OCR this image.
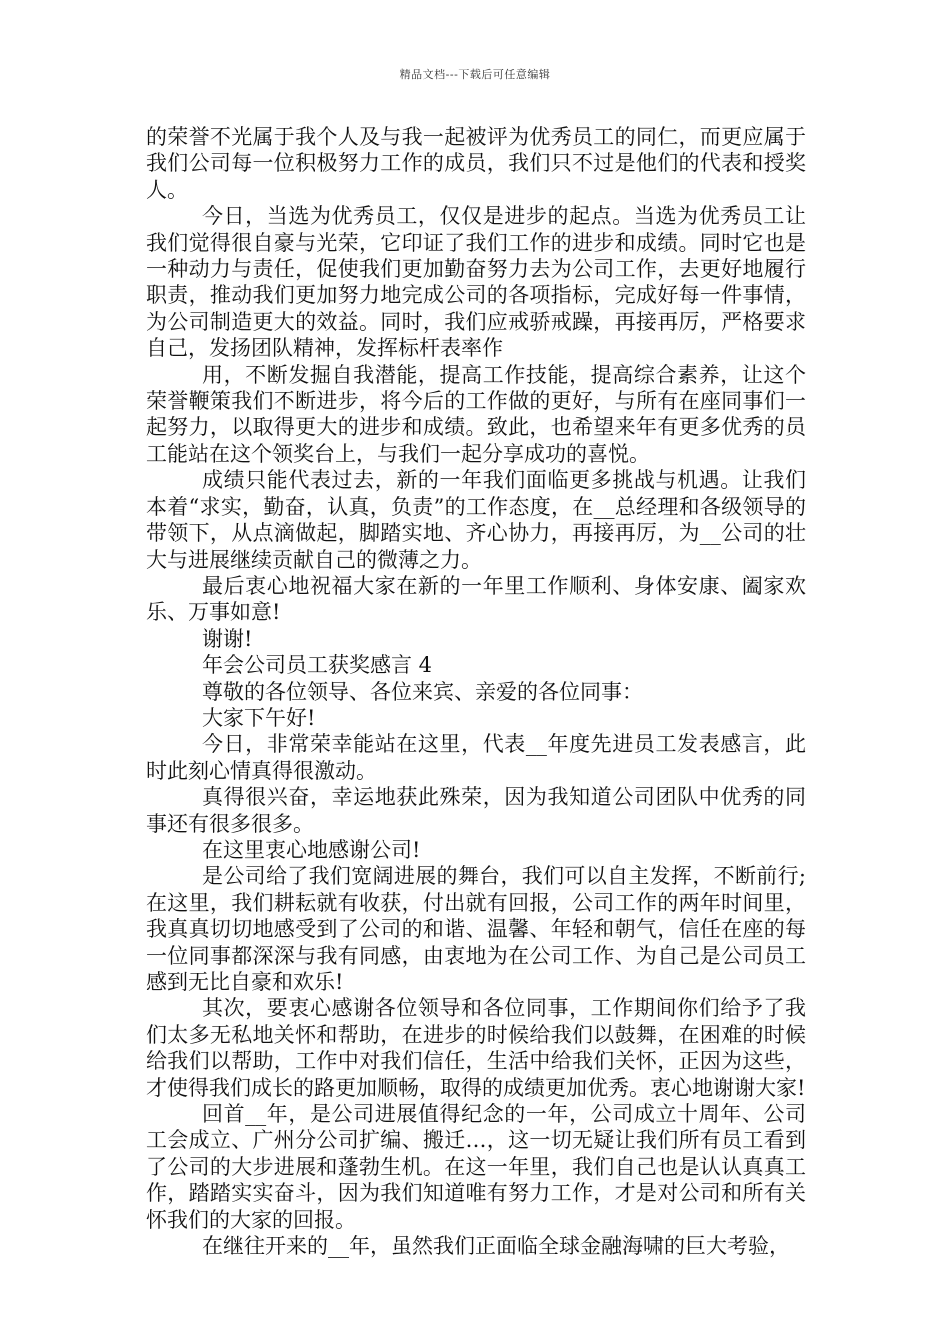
精品文档---下载后可任意编辑

的荣誉不光属于我个人及与我一起被评为优秀员工的同仁，而更应属于我们公司每一位积极努力工作的成员，我们只不过是他们的代表和授奖人。

今日，当选为优秀员工，仅仅是进步的起点。当选为优秀员工让我们觉得很自豪与光荣，它印证了我们工作的进步和成绩。同时它也是一种动力与责任，促使我们更加勤奋努力去为公司工作，去更好地履行职责，推动我们更加努力地完成公司的各项指标，完成好每一件事情，为公司制造更大的效益。同时，我们应戒骄戒躁，再接再厉，严格要求自己，发扬团队精神，发挥标杆表率作

用，不断发掘自我潜能，提高工作技能，提高综合素养，让这个荣誉鞭策我们不断进步，将今后的工作做的更好，与所有在座同事们一起努力，以取得更大的进步和成绩。致此，也希望来年有更多优秀的员工能站在这个领奖台上，与我们一起分享成功的喜悦。

成绩只能代表过去，新的一年我们面临更多挑战与机遇。让我们本着“求实，勤奋，认真，负责”的工作态度，在__总经理和各级领导的带领下，从点滴做起，脚踏实地、齐心协力，再接再厉，为__公司的壮大与进展继续贡献自己的微薄之力。

最后衷心地祝福大家在新的一年里工作顺利、身体安康、阖家欢乐、万事如意!

谢谢!

年会公司员工获奖感言 4

尊敬的各位领导、各位来宾、亲爱的各位同事：

大家下午好!

今日，非常荣幸能站在这里，代表__年度先进员工发表感言，此时此刻心情真得很激动。

真得很兴奋，幸运地获此殊荣，因为我知道公司团队中优秀的同事还有很多很多。

在这里衷心地感谢公司!

是公司给了我们宽阔进展的舞台，我们可以自主发挥，不断前行;在这里，我们耕耘就有收获，付出就有回报，公司工作的两年时间里，我真真切切地感受到了公司的和谐、温馨、年轻和朝气，信任在座的每一位同事都深深与我有同感，由衷地为在公司工作、为自己是公司员工感到无比自豪和欢乐!

其次，要衷心感谢各位领导和各位同事，工作期间你们给予了我们太多无私地关怀和帮助，在进步的时候给我们以鼓舞，在困难的时候给我们以帮助，工作中对我们信任，生活中给我们关怀，正因为这些，才使得我们成长的路更加顺畅，取得的成绩更加优秀。衷心地谢谢大家!

回首__年，是公司进展值得纪念的一年，公司成立十周年、公司工会成立、广州分公司扩编、搬迁…，这一切无疑让我们所有员工看到了公司的大步进展和蓬勃生机。在这一年里，我们自己也是认认真真工作，踏踏实实奋斗，因为我们知道唯有努力工作，才是对公司和所有关怀我们的大家的回报。

在继往开来的__年，虽然我们正面临全球金融海啸的巨大考验，
